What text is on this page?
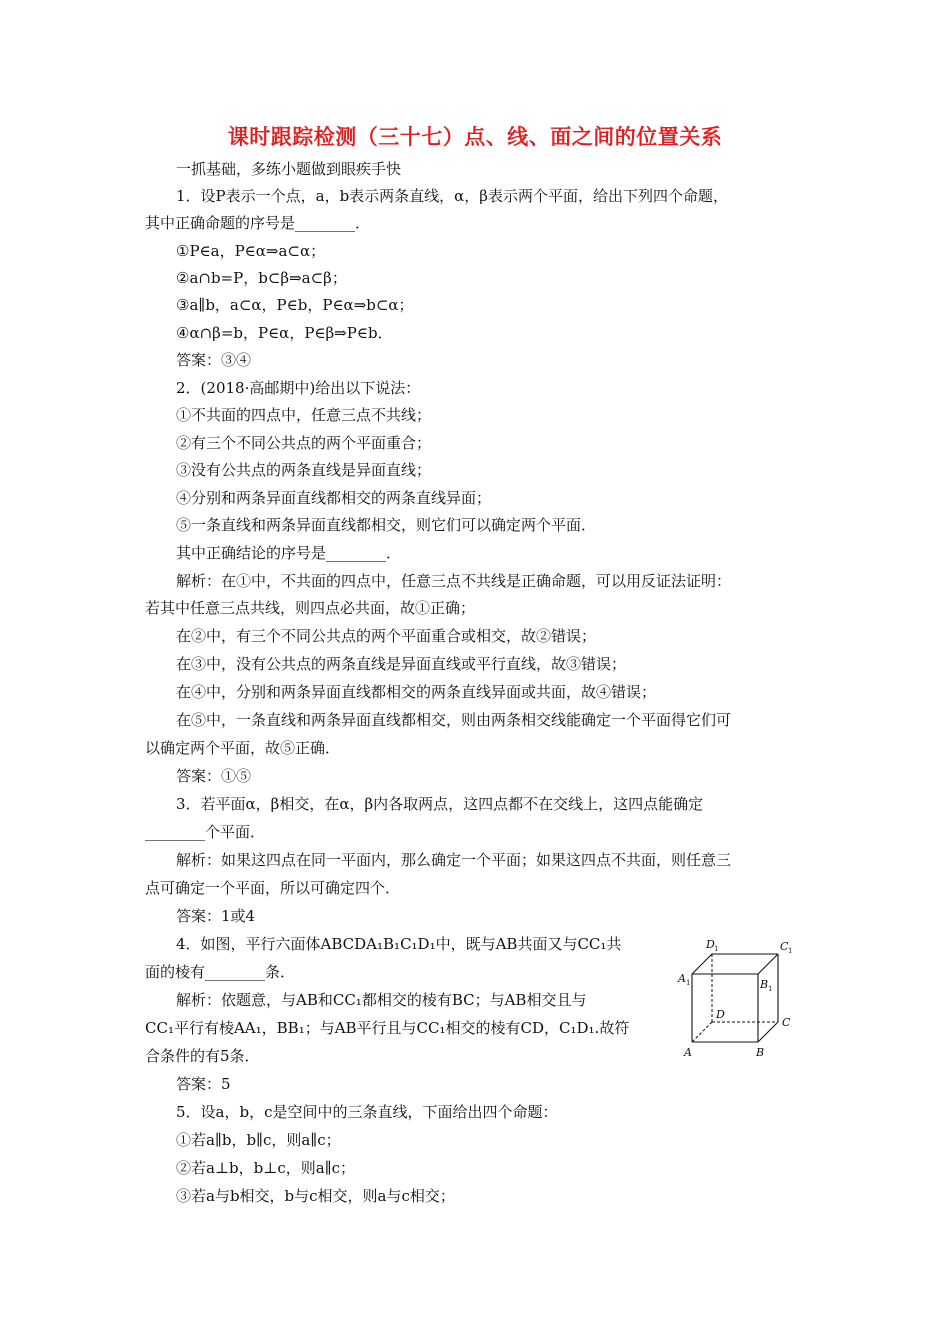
课时跟踪检测（三十七）点、线、面之间的位置关系
一抓基础，多练小题做到眼疾手快
1．设P表示一个点，a，b表示两条直线，α，β表示两个平面，给出下列四个命题，
其中正确命题的序号是________．
①P∈a，P∈α⇒a⊂α；
②a∩b=P，b⊂β⇒a⊂β；
③a∥b，a⊂α，P∈b，P∈α⇒b⊂α；
④α∩β=b，P∈α，P∈β⇒P∈b．
答案：③④
2．(2018·高邮期中)给出以下说法：
①不共面的四点中，任意三点不共线；
②有三个不同公共点的两个平面重合；
③没有公共点的两条直线是异面直线；
④分别和两条异面直线都相交的两条直线异面；
⑤一条直线和两条异面直线都相交，则它们可以确定两个平面．
其中正确结论的序号是________．
解析：在①中，不共面的四点中，任意三点不共线是正确命题，可以用反证法证明：
若其中任意三点共线，则四点必共面，故①正确；
在②中，有三个不同公共点的两个平面重合或相交，故②错误；
在③中，没有公共点的两条直线是异面直线或平行直线，故③错误；
在④中，分别和两条异面直线都相交的两条直线异面或共面，故④错误；
在⑤中，一条直线和两条异面直线都相交，则由两条相交线能确定一个平面得它们可
以确定两个平面，故⑤正确．
答案：①⑤
3．若平面α，β相交，在α，β内各取两点，这四点都不在交线上，这四点能确定
________个平面．
解析：如果这四点在同一平面内，那么确定一个平面；如果这四点不共面，则任意三
点可确定一个平面，所以可确定四个．
答案：1或4
4．如图，平行六面体ABCDA₁B₁C₁D₁中，既与AB共面又与CC₁共
面的棱有________条．
解析：依题意，与AB和CC₁都相交的棱有BC；与AB相交且与
CC₁平行有棱AA₁，BB₁；与AB平行且与CC₁相交的棱有CD，C₁D₁.故符
合条件的有5条．
答案：5
5．设a，b，c是空间中的三条直线，下面给出四个命题：
①若a∥b，b∥c，则a∥c；
②若a⊥b，b⊥c，则a∥c；
③若a与b相交，b与c相交，则a与c相交；
A	B
C
D
A 1	B 1
C 1
D 1
